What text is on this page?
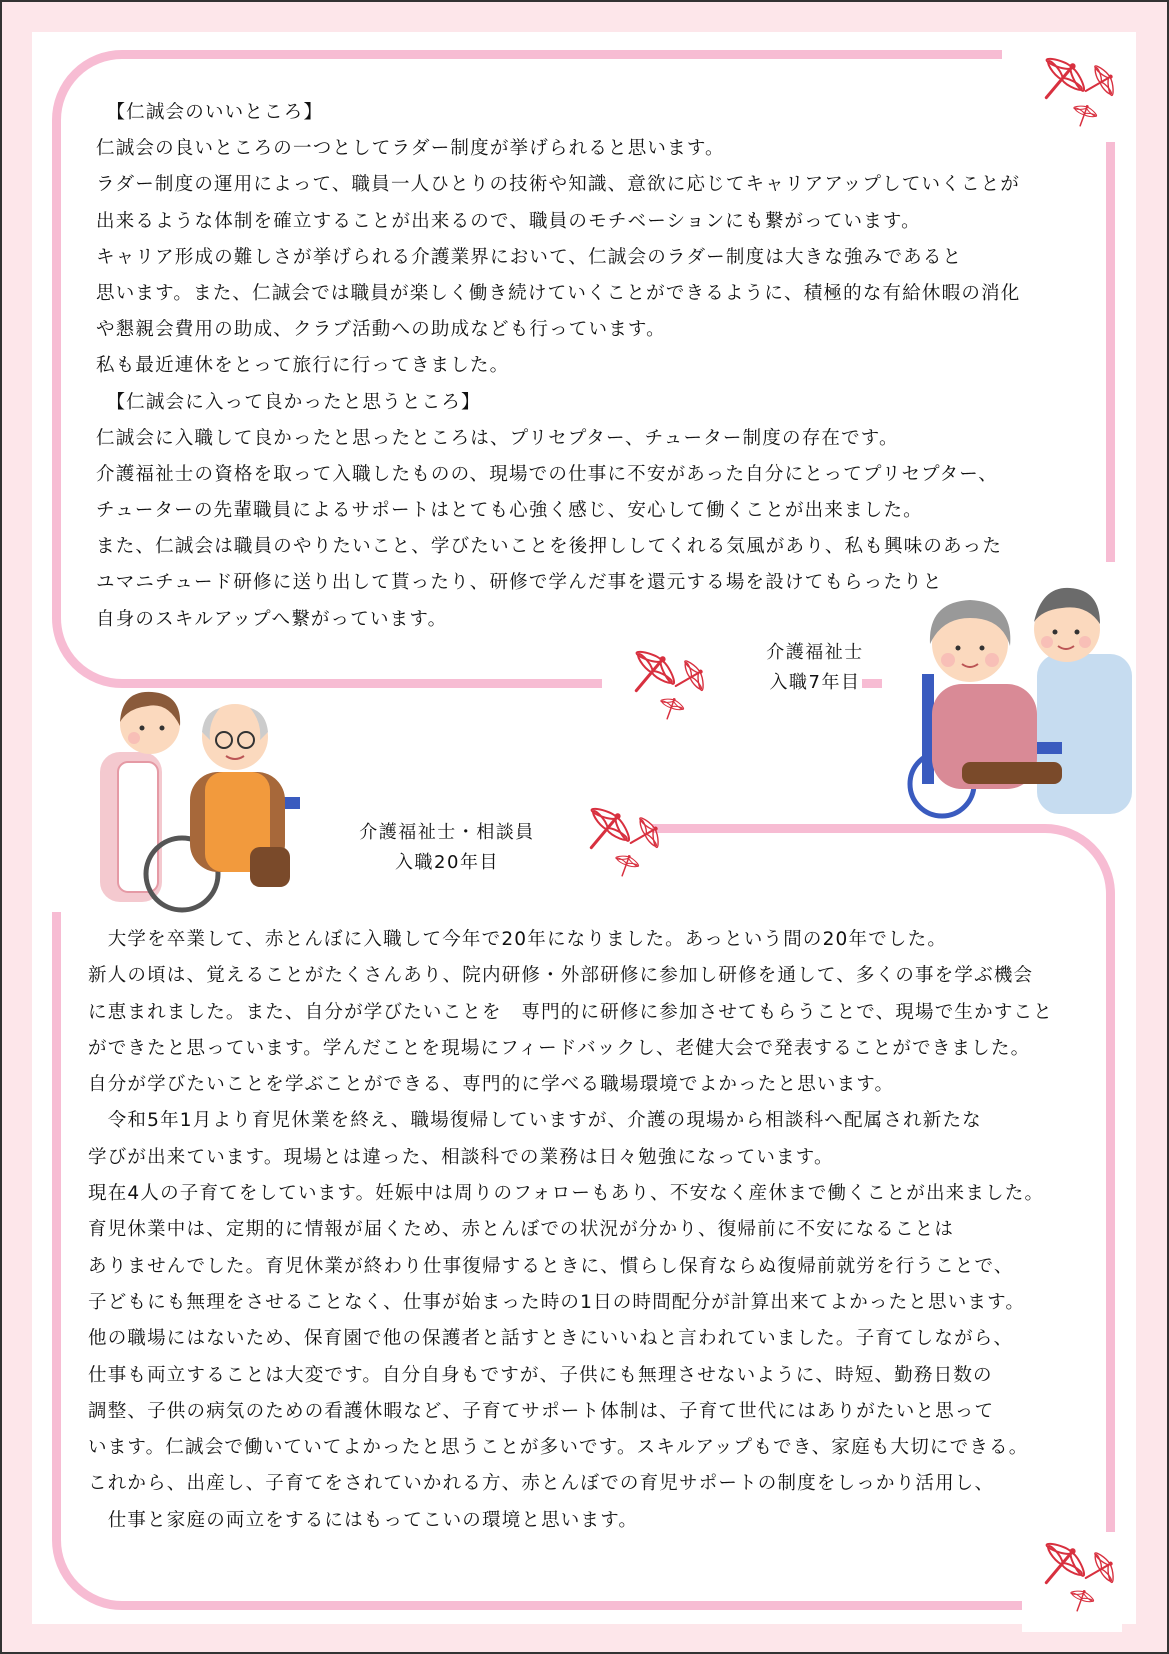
　【仁誠会のいいところ】
仁誠会の良いところの一つとしてラダー制度が挙げられると思います。
ラダー制度の運用によって、職員一人ひとりの技術や知識、意欲に応じてキャリアアップしていくことが
出来るような体制を確立することが出来るので、職員のモチベーションにも繋がっています。
キャリア形成の難しさが挙げられる介護業界において、仁誠会のラダー制度は大きな強みであると
思います。また、仁誠会では職員が楽しく働き続けていくことができるように、積極的な有給休暇の消化
や懇親会費用の助成、クラブ活動への助成なども行っています。
私も最近連休をとって旅行に行ってきました。
　【仁誠会に入って良かったと思うところ】
仁誠会に入職して良かったと思ったところは、プリセプター、チューター制度の存在です。
介護福祉士の資格を取って入職したものの、現場での仕事に不安があった自分にとってプリセプター、
チューターの先輩職員によるサポートはとても心強く感じ、安心して働くことが出来ました。
また、仁誠会は職員のやりたいこと、学びたいことを後押ししてくれる気風があり、私も興味のあった
ユマニチュード研修に送り出して貰ったり、研修で学んだ事を還元する場を設けてもらったりと
自身のスキルアップへ繋がっています。
介護福祉士
入職7年目
介護福祉士・相談員
入職20年目
　大学を卒業して、赤とんぼに入職して今年で20年になりました。あっという間の20年でした。
新人の頃は、覚えることがたくさんあり、院内研修・外部研修に参加し研修を通して、多くの事を学ぶ機会
に恵まれました。また、自分が学びたいことを　専門的に研修に参加させてもらうことで、現場で生かすこと
ができたと思っています。学んだことを現場にフィードバックし、老健大会で発表することができました。
自分が学びたいことを学ぶことができる、専門的に学べる職場環境でよかったと思います。
　令和5年1月より育児休業を終え、職場復帰していますが、介護の現場から相談科へ配属され新たな
学びが出来ています。現場とは違った、相談科での業務は日々勉強になっています。
現在4人の子育てをしています。妊娠中は周りのフォローもあり、不安なく産休まで働くことが出来ました。
育児休業中は、定期的に情報が届くため、赤とんぼでの状況が分かり、復帰前に不安になることは
ありませんでした。育児休業が終わり仕事復帰するときに、慣らし保育ならぬ復帰前就労を行うことで、
子どもにも無理をさせることなく、仕事が始まった時の1日の時間配分が計算出来てよかったと思います。
他の職場にはないため、保育園で他の保護者と話すときにいいねと言われていました。子育てしながら、
仕事も両立することは大変です。自分自身もですが、子供にも無理させないように、時短、勤務日数の
調整、子供の病気のための看護休暇など、子育てサポート体制は、子育て世代にはありがたいと思って
います。仁誠会で働いていてよかったと思うことが多いです。スキルアップもでき、家庭も大切にできる。
これから、出産し、子育てをされていかれる方、赤とんぼでの育児サポートの制度をしっかり活用し、
　仕事と家庭の両立をするにはもってこいの環境と思います。
